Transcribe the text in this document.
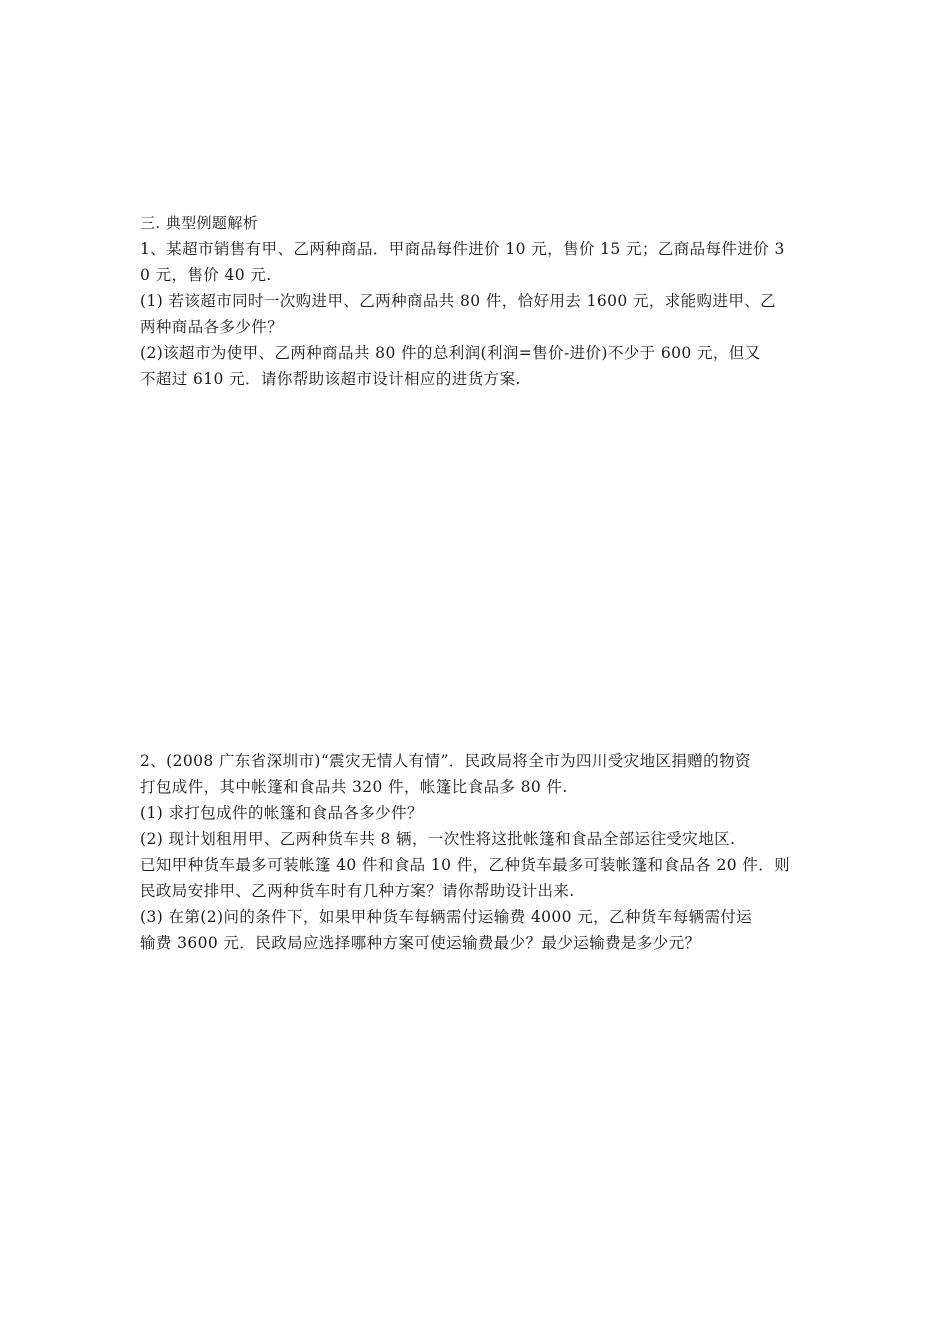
三. 典型例题解析
1、某超市销售有甲、乙两种商品．甲商品每件进价 10 元，售价 15 元；乙商品每件进价 3
0 元，售价 40 元.
(1) 若该超市同时一次购进甲、乙两种商品共 80 件，恰好用去 1600 元，求能购进甲、乙
两种商品各多少件？
(2)该超市为使甲、乙两种商品共 80 件的总利润(利润=售价-进价)不少于 600 元，但又
不超过 610 元．请你帮助该超市设计相应的进货方案.
2、(2008 广东省深圳市)“震灾无情人有情”．民政局将全市为四川受灾地区捐赠的物资
打包成件，其中帐篷和食品共 320 件，帐篷比食品多 80 件.
(1) 求打包成件的帐篷和食品各多少件？
(2) 现计划租用甲、乙两种货车共 8 辆，一次性将这批帐篷和食品全部运往受灾地区.
已知甲种货车最多可装帐篷 40 件和食品 10 件，乙种货车最多可装帐篷和食品各 20 件．则
民政局安排甲、乙两种货车时有几种方案？请你帮助设计出来.
(3) 在第(2)问的条件下，如果甲种货车每辆需付运输费 4000 元，乙种货车每辆需付运
输费 3600 元．民政局应选择哪种方案可使运输费最少？最少运输费是多少元？
